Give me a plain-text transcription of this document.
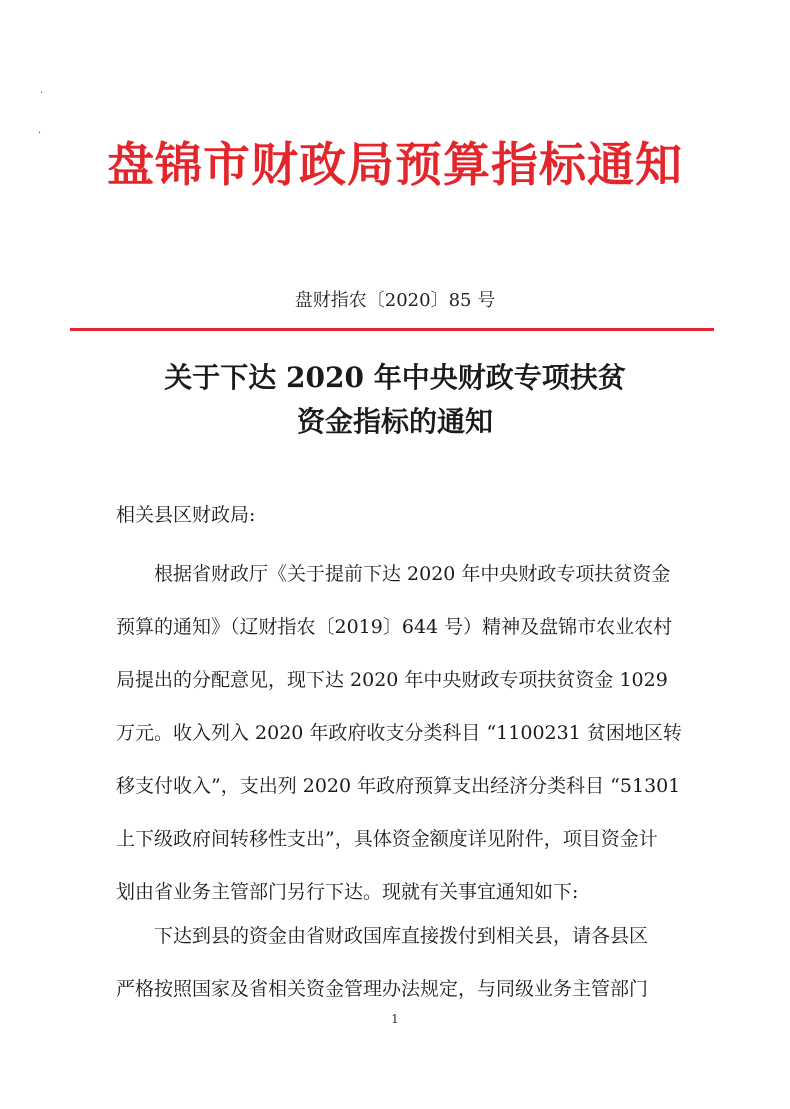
·
·
盘锦市财政局预算指标通知
盘财指农〔2020〕85 号
关于下达 2020 年中央财政专项扶贫
资金指标的通知
相关县区财政局:
根据省财政厅《关于提前下达 2020 年中央财政专项扶贫资金
预算的通知》（辽财指农〔2019〕644 号）精神及盘锦市农业农村
局提出的分配意见，现下达 2020 年中央财政专项扶贫资金 1029
万元。收入列入 2020 年政府收支分类科目 “1100231 贫困地区转
移支付收入”，支出列 2020 年政府预算支出经济分类科目 “51301
上下级政府间转移性支出”，具体资金额度详见附件，项目资金计
划由省业务主管部门另行下达。现就有关事宜通知如下:
下达到县的资金由省财政国库直接拨付到相关县，请各县区
严格按照国家及省相关资金管理办法规定，与同级业务主管部门
1
